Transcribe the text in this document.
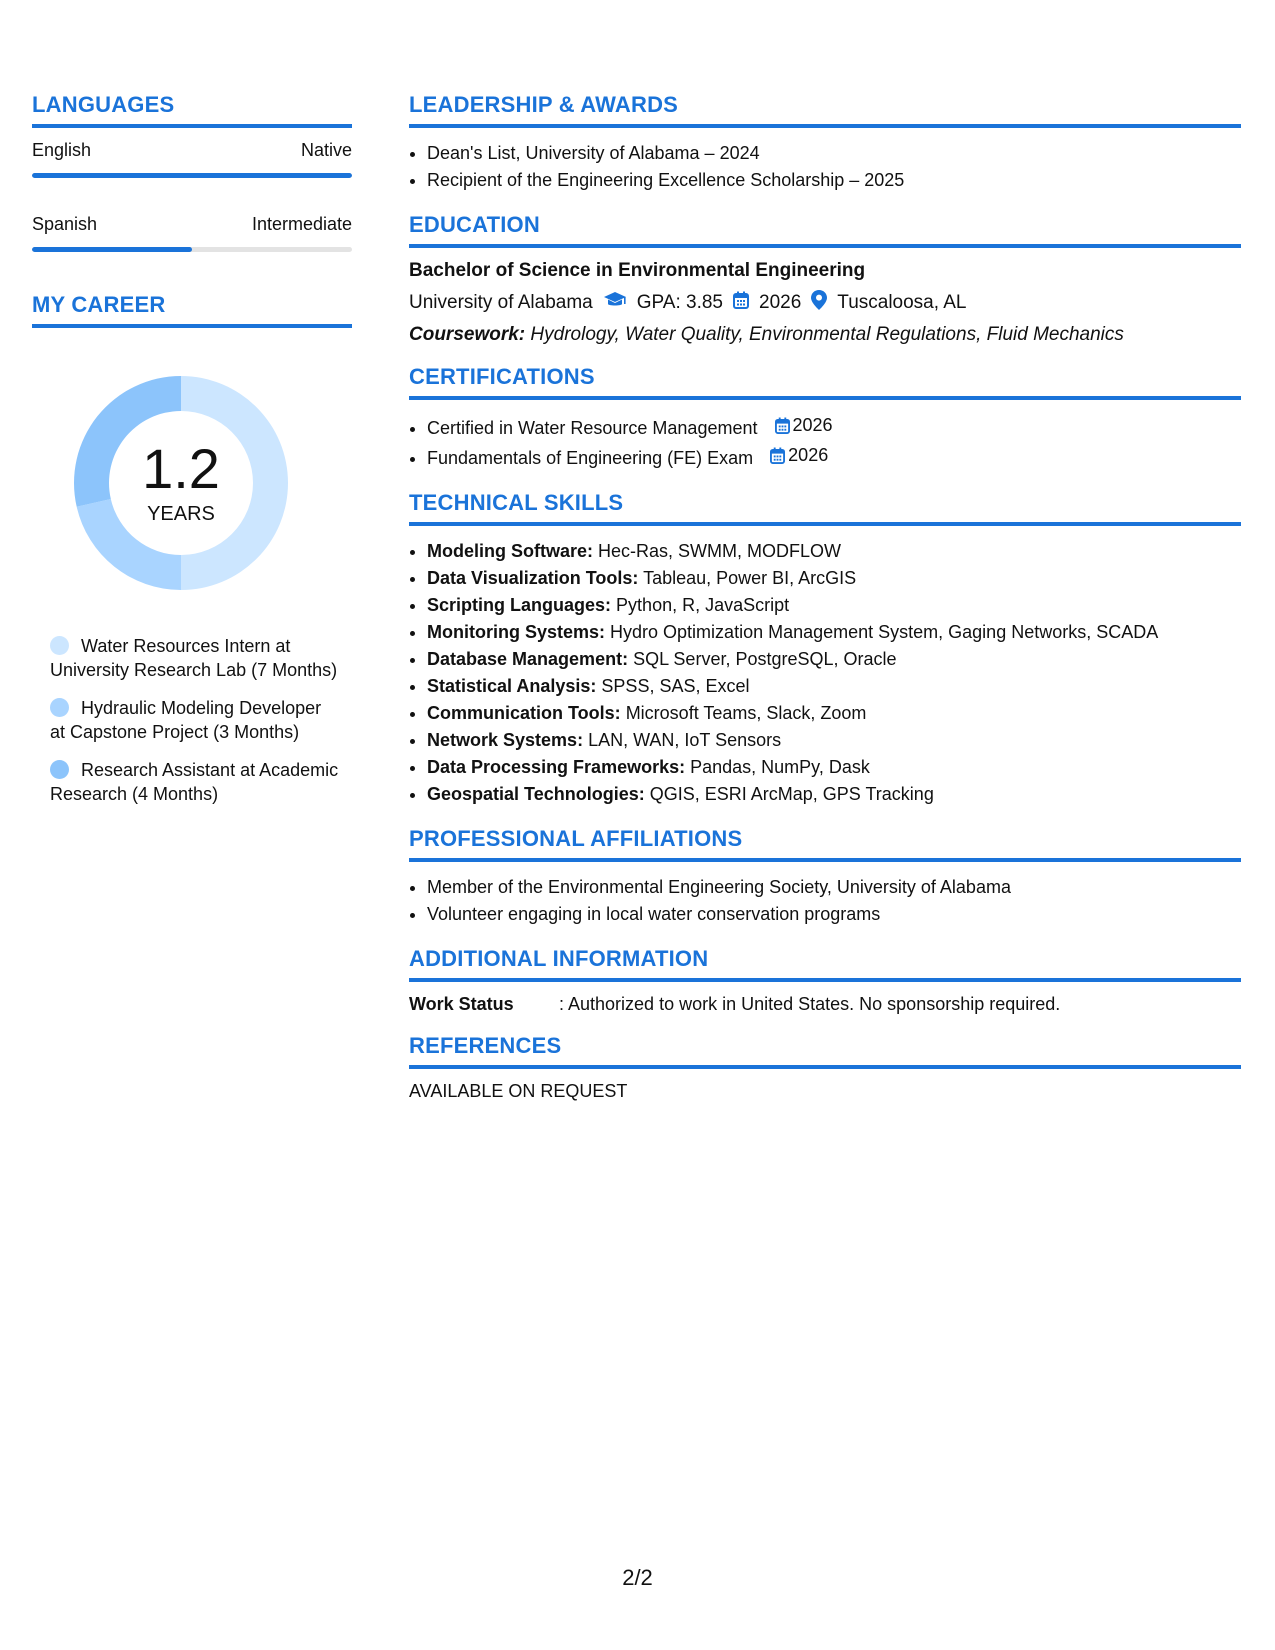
LANGUAGES
English	Native
Spanish	Intermediate
MY CAREER
1.2
YEARS
Water Resources Intern at University Research Lab (7 Months)
Hydraulic Modeling Developer at Capstone Project (3 Months)
Research Assistant at Academic Research (4 Months)
LEADERSHIP & AWARDS
• Dean's List, University of Alabama – 2024
• Recipient of the Engineering Excellence Scholarship – 2025
EDUCATION
Bachelor of Science in Environmental Engineering
University of Alabama GPA: 3.85 2026 Tuscaloosa, AL
Coursework: Hydrology, Water Quality, Environmental Regulations, Fluid Mechanics
CERTIFICATIONS
• Certified in Water Resource Management 2026
• Fundamentals of Engineering (FE) Exam 2026
TECHNICAL SKILLS
• Modeling Software: Hec-Ras, SWMM, MODFLOW
• Data Visualization Tools: Tableau, Power BI, ArcGIS
• Scripting Languages: Python, R, JavaScript
• Monitoring Systems: Hydro Optimization Management System, Gaging Networks, SCADA
• Database Management: SQL Server, PostgreSQL, Oracle
• Statistical Analysis: SPSS, SAS, Excel
• Communication Tools: Microsoft Teams, Slack, Zoom
• Network Systems: LAN, WAN, IoT Sensors
• Data Processing Frameworks: Pandas, NumPy, Dask
• Geospatial Technologies: QGIS, ESRI ArcMap, GPS Tracking
PROFESSIONAL AFFILIATIONS
• Member of the Environmental Engineering Society, University of Alabama
• Volunteer engaging in local water conservation programs
ADDITIONAL INFORMATION
Work Status	: Authorized to work in United States. No sponsorship required.
REFERENCES
AVAILABLE ON REQUEST
2/2
